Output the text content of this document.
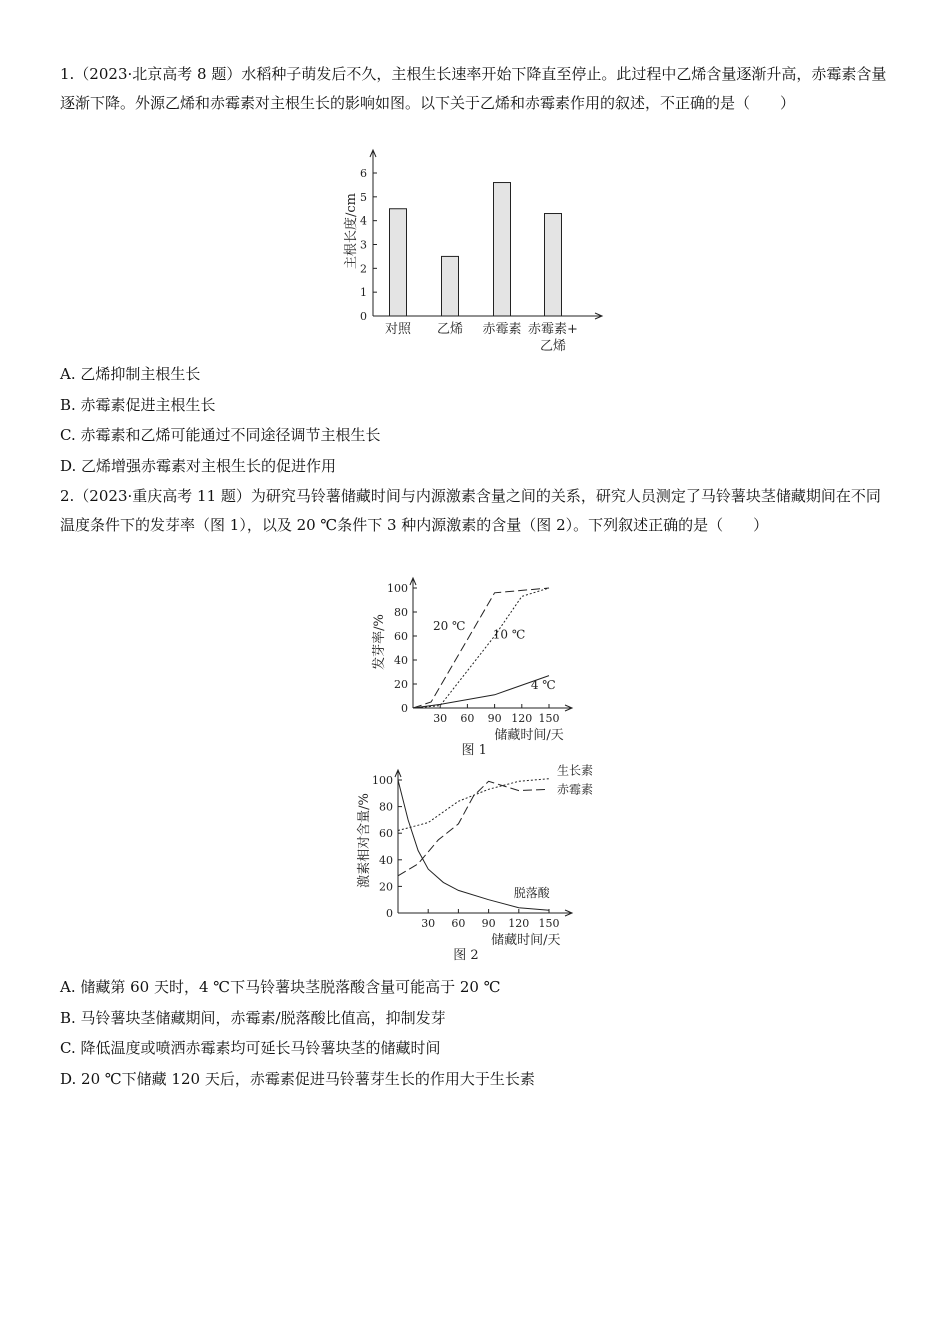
1.（2023·北京高考 8 题）水稻种子萌发后不久，主根生长速率开始下降直至停止。此过程中乙烯含量逐渐升高，赤霉素含量逐渐下降。外源乙烯和赤霉素对主根生长的影响如图。以下关于乙烯和赤霉素作用的叙述，不正确的是（　　）
0
1
2
3
4
5
6
主根长度/cm
对照 乙烯 赤霉素 赤霉素+
乙烯
A. 乙烯抑制主根生长
B. 赤霉素促进主根生长
C. 赤霉素和乙烯可能通过不同途径调节主根生长
D. 乙烯增强赤霉素对主根生长的促进作用
2.（2023·重庆高考 11 题）为研究马铃薯储藏时间与内源激素含量之间的关系，研究人员测定了马铃薯块茎储藏期间在不同温度条件下的发芽率（图 1），以及 20 ℃条件下 3 种内源激素的含量（图 2）。下列叙述正确的是（　　）
0
20
40
60
80
100
30 60 90 120 150
发芽率/%
储藏时间/天
图 1
20 ℃
10 ℃
4 ℃
0
20
40
60
80
100
30 60 90 120 150
激素相对含量/%
储藏时间/天
图 2
生长素
赤霉素
脱落酸
A. 储藏第 60 天时，4 ℃下马铃薯块茎脱落酸含量可能高于 20 ℃
B. 马铃薯块茎储藏期间，赤霉素/脱落酸比值高，抑制发芽
C. 降低温度或喷洒赤霉素均可延长马铃薯块茎的储藏时间
D. 20 ℃下储藏 120 天后，赤霉素促进马铃薯芽生长的作用大于生长素
